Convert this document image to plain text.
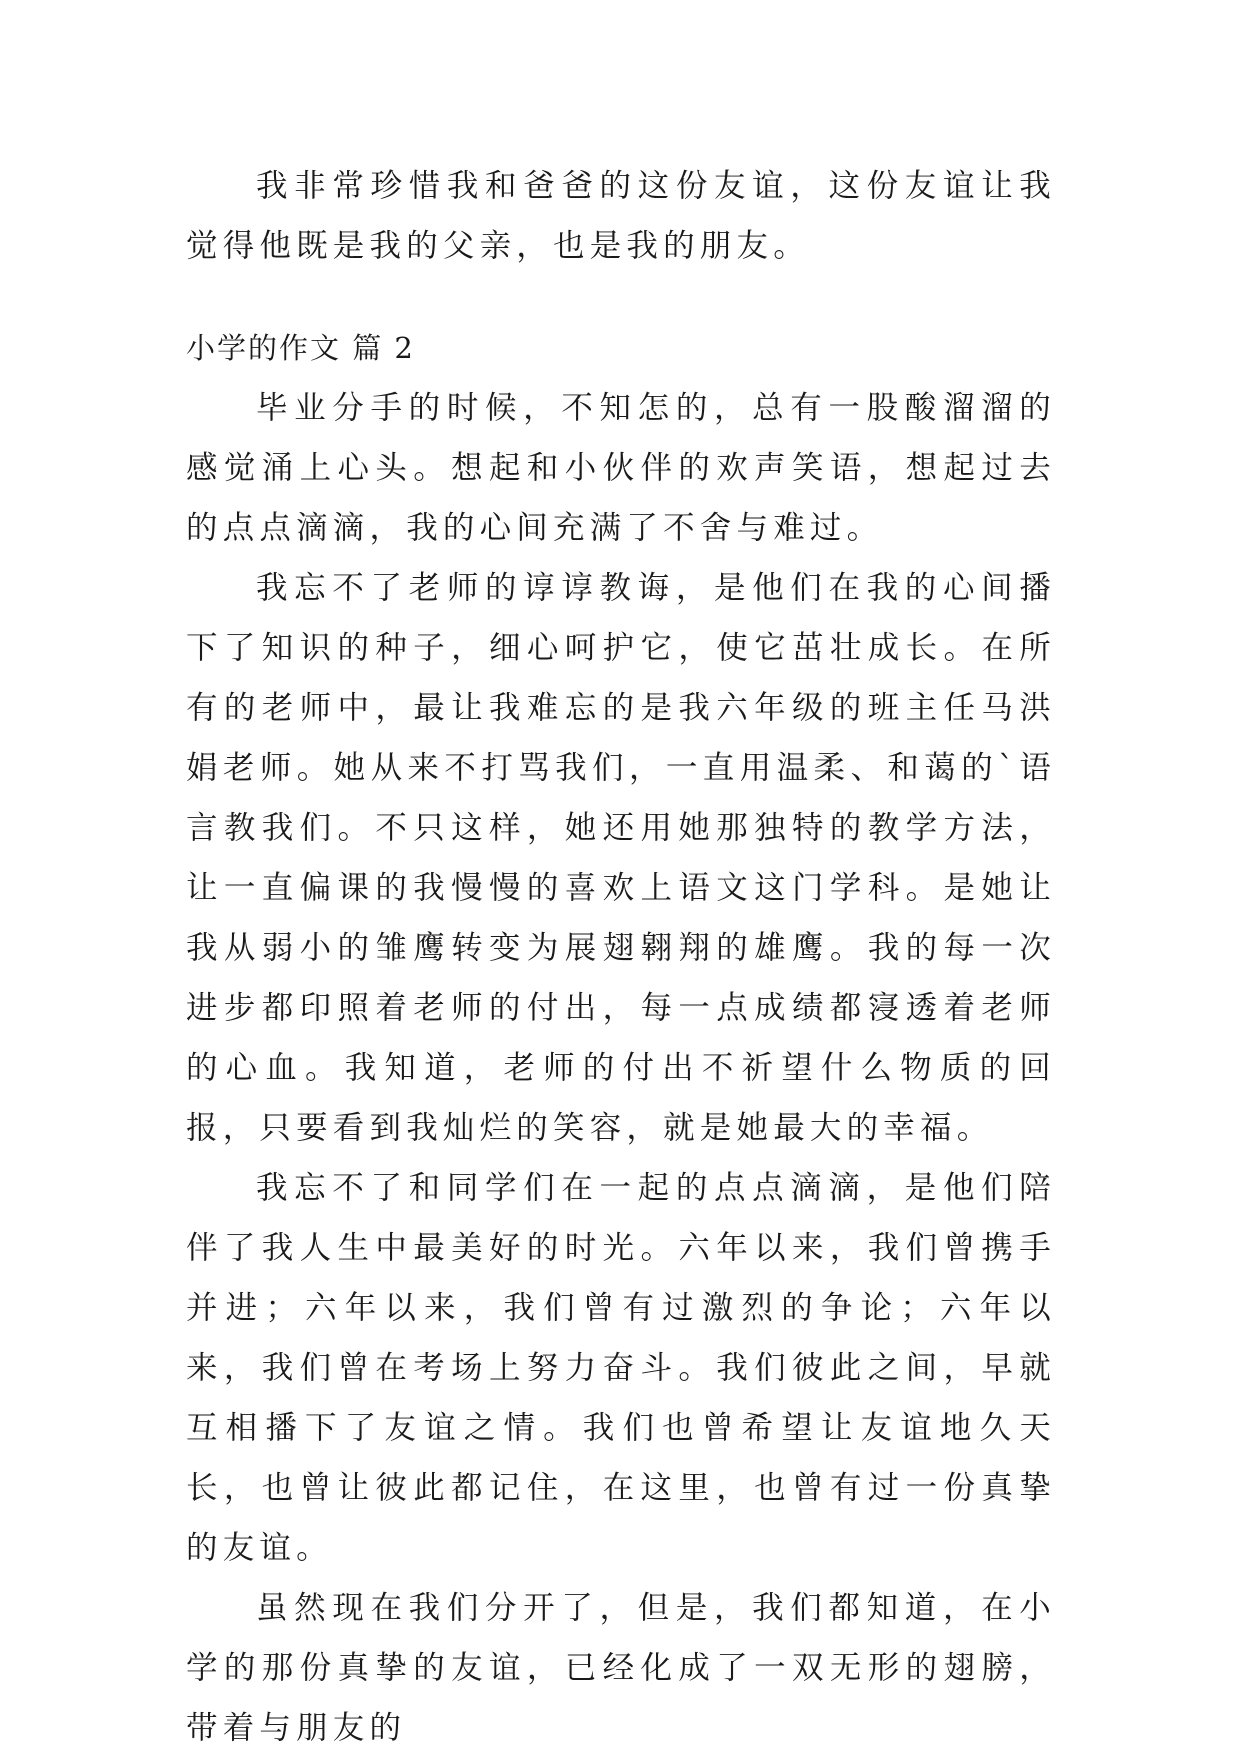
我非常珍惜我和爸爸的这份友谊，这份友谊让我觉得他既是我的父亲，也是我的朋友。

小学的作文 篇 2

毕业分手的时候，不知怎的，总有一股酸溜溜的感觉涌上心头。想起和小伙伴的欢声笑语，想起过去的点点滴滴，我的心间充满了不舍与难过。

我忘不了老师的谆谆教诲，是他们在我的心间播下了知识的种子，细心呵护它，使它茁壮成长。在所有的老师中，最让我难忘的是我六年级的班主任马洪娟老师。她从来不打骂我们，一直用温柔、和蔼的`语言教我们。不只这样，她还用她那独特的教学方法，让一直偏课的我慢慢的喜欢上语文这门学科。是她让我从弱小的雏鹰转变为展翅翱翔的雄鹰。我的每一次进步都印照着老师的付出，每一点成绩都寖透着老师的心血。我知道，老师的付出不祈望什么物质的回报，只要看到我灿烂的笑容，就是她最大的幸福。

我忘不了和同学们在一起的点点滴滴，是他们陪伴了我人生中最美好的时光。六年以来，我们曾携手并进；六年以来，我们曾有过激烈的争论；六年以来，我们曾在考场上努力奋斗。我们彼此之间，早就互相播下了友谊之情。我们也曾希望让友谊地久天长，也曾让彼此都记住，在这里，也曾有过一份真挚的友谊。

虽然现在我们分开了，但是，我们都知道，在小学的那份真挚的友谊，已经化成了一双无形的翅膀，带着与朋友的
